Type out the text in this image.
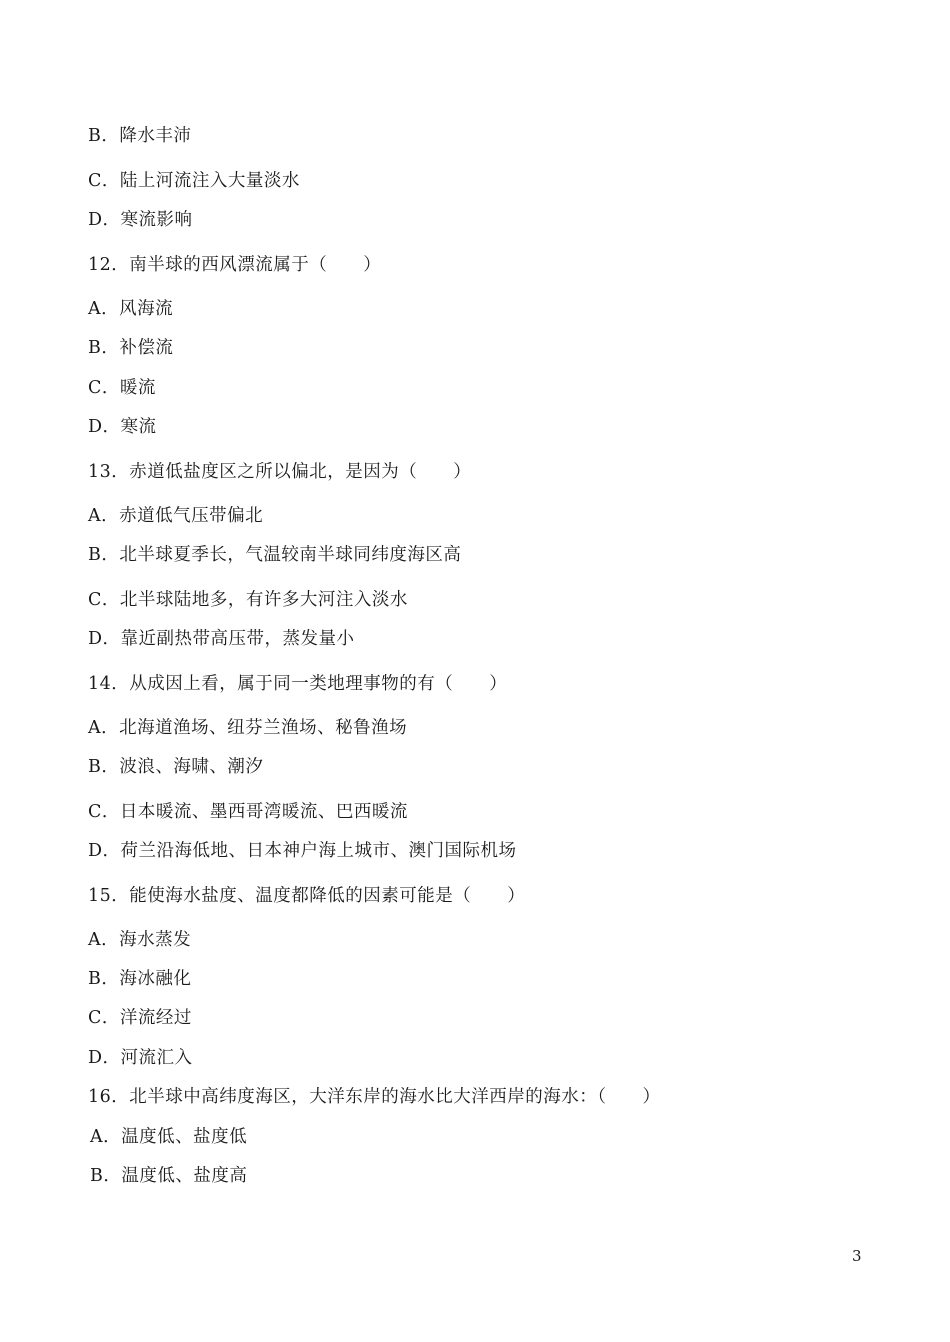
B．降水丰沛
C．陆上河流注入大量淡水
D．寒流影响
12．南半球的西风漂流属于（　　）
A．风海流
B．补偿流
C．暖流
D．寒流
13．赤道低盐度区之所以偏北，是因为（　　）
A．赤道低气压带偏北
B．北半球夏季长，气温较南半球同纬度海区高
C．北半球陆地多，有许多大河注入淡水
D．靠近副热带高压带，蒸发量小
14．从成因上看，属于同一类地理事物的有（　　）
A．北海道渔场、纽芬兰渔场、秘鲁渔场
B．波浪、海啸、潮汐
C．日本暖流、墨西哥湾暖流、巴西暖流
D．荷兰沿海低地、日本神户海上城市、澳门国际机场
15．能使海水盐度、温度都降低的因素可能是（　　）
A．海水蒸发
B．海冰融化
C．洋流经过
D．河流汇入
16．北半球中高纬度海区，大洋东岸的海水比大洋西岸的海水：（　　）
A．温度低、盐度低
B．温度低、盐度高
3
